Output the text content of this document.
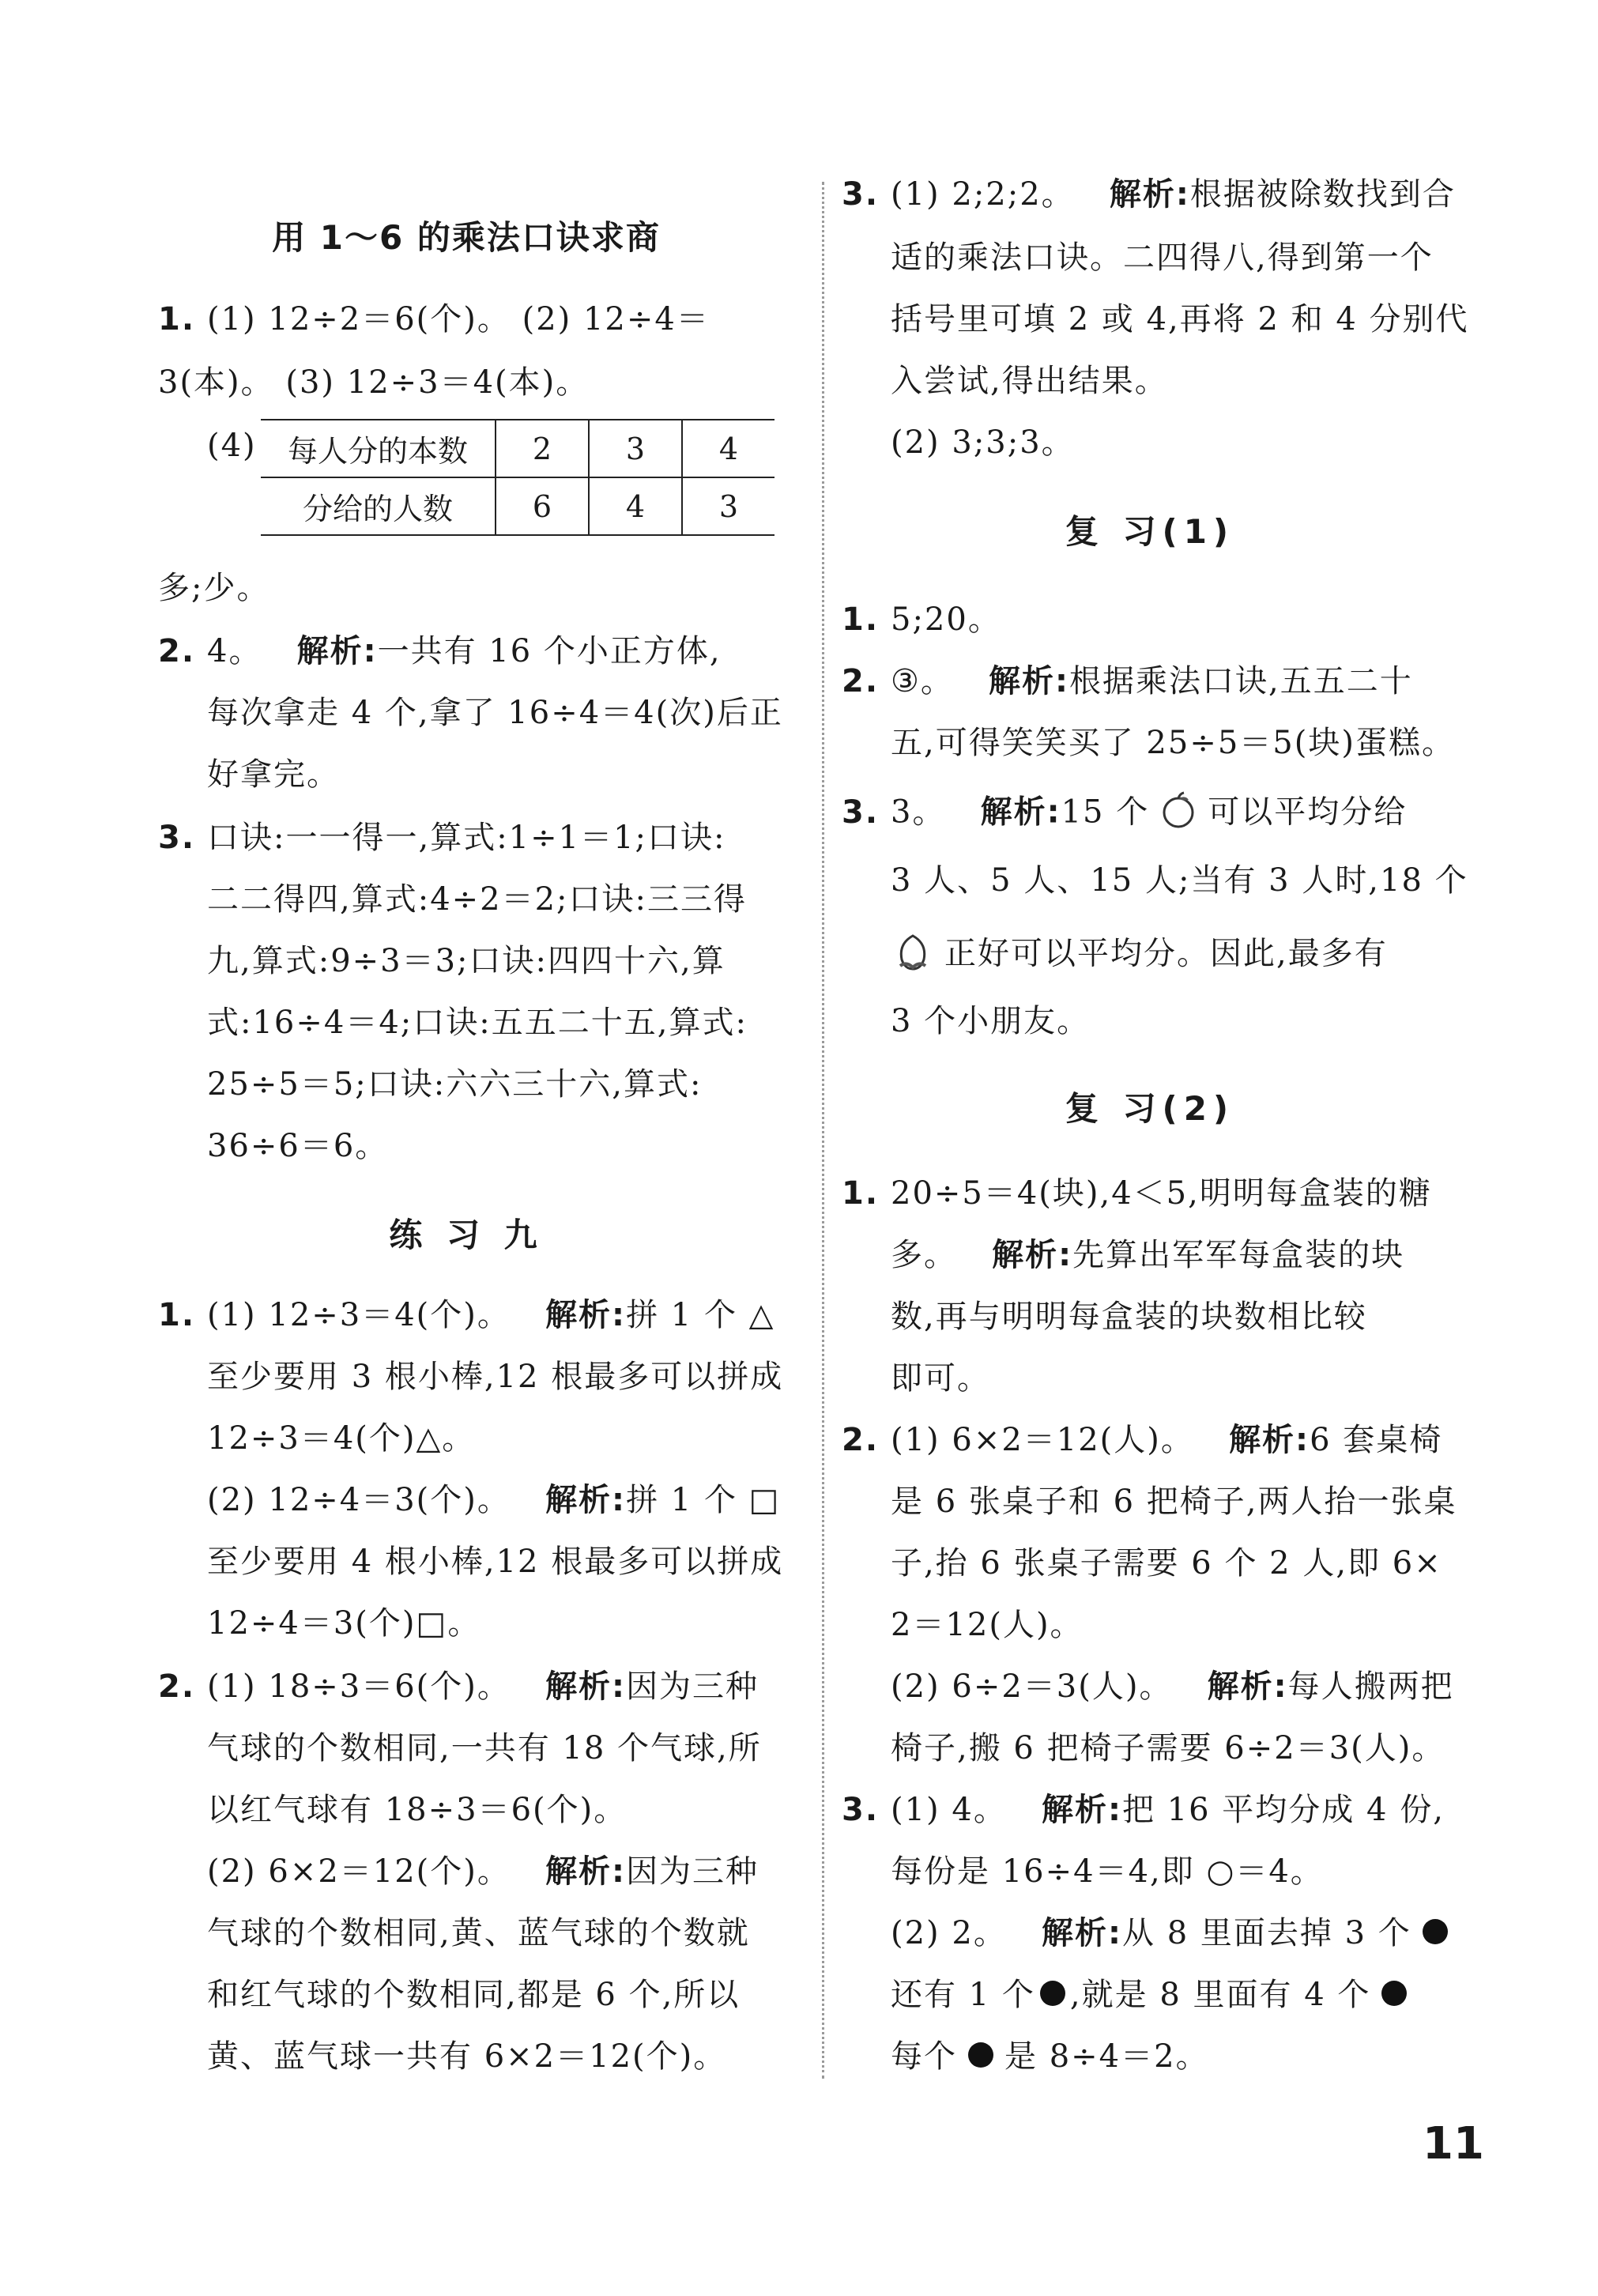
用 1～6 的乘法口诀求商
1. (1) 12÷2＝6(个)。 (2) 12÷4＝
3(本)。 (3) 12÷3＝4(本)。
(4) 每人分的本数	2	3	4
分给的人数	6	4	3
多;少。
2. 4。 解析:一共有 16 个小正方体,
每次拿走 4 个,拿了 16÷4＝4(次)后正
好拿完。
3. 口诀:一一得一,算式:1÷1＝1;口诀:
二二得四,算式:4÷2＝2;口诀:三三得
九,算式:9÷3＝3;口诀:四四十六,算
式:16÷4＝4;口诀:五五二十五,算式:
25÷5＝5;口诀:六六三十六,算式:
36÷6＝6。
练 习 九
1. (1) 12÷3＝4(个)。 解析:拼 1 个 △
至少要用 3 根小棒,12 根最多可以拼成
12÷3＝4(个)△。
(2) 12÷4＝3(个)。 解析:拼 1 个 □
至少要用 4 根小棒,12 根最多可以拼成
12÷4＝3(个)□。
2. (1) 18÷3＝6(个)。 解析:因为三种
气球的个数相同,一共有 18 个气球,所
以红气球有 18÷3＝6(个)。
(2) 6×2＝12(个)。 解析:因为三种
气球的个数相同,黄、蓝气球的个数就
和红气球的个数相同,都是 6 个,所以
黄、蓝气球一共有 6×2＝12(个)。
3. (1) 2;2;2。 解析:根据被除数找到合
适的乘法口诀。二四得八,得到第一个
括号里可填 2 或 4,再将 2 和 4 分别代
入尝试,得出结果。
(2) 3;3;3。
复 习(1)
1. 5;20。
2. ③。 解析:根据乘法口诀,五五二十
五,可得笑笑买了 25÷5＝5(块)蛋糕。
3. 3。 解析:15 个 可以平均分给
3 人、5 人、15 人;当有 3 人时,18 个
正好可以平均分。因此,最多有
3 个小朋友。
复 习(2)
1. 20÷5＝4(块),4＜5,明明每盒装的糖
多。 解析:先算出军军每盒装的块
数,再与明明每盒装的块数相比较
即可。
2. (1) 6×2＝12(人)。 解析:6 套桌椅
是 6 张桌子和 6 把椅子,两人抬一张桌
子,抬 6 张桌子需要 6 个 2 人,即 6×
2＝12(人)。
(2) 6÷2＝3(人)。 解析:每人搬两把
椅子,搬 6 把椅子需要 6÷2＝3(人)。
3. (1) 4。 解析:把 16 平均分成 4 份,
每份是 16÷4＝4,即 ○＝4。
(2) 2。 解析:从 8 里面去掉 3 个
还有 1 个 ,就是 8 里面有 4 个
每个 是 8÷4＝2。
11
